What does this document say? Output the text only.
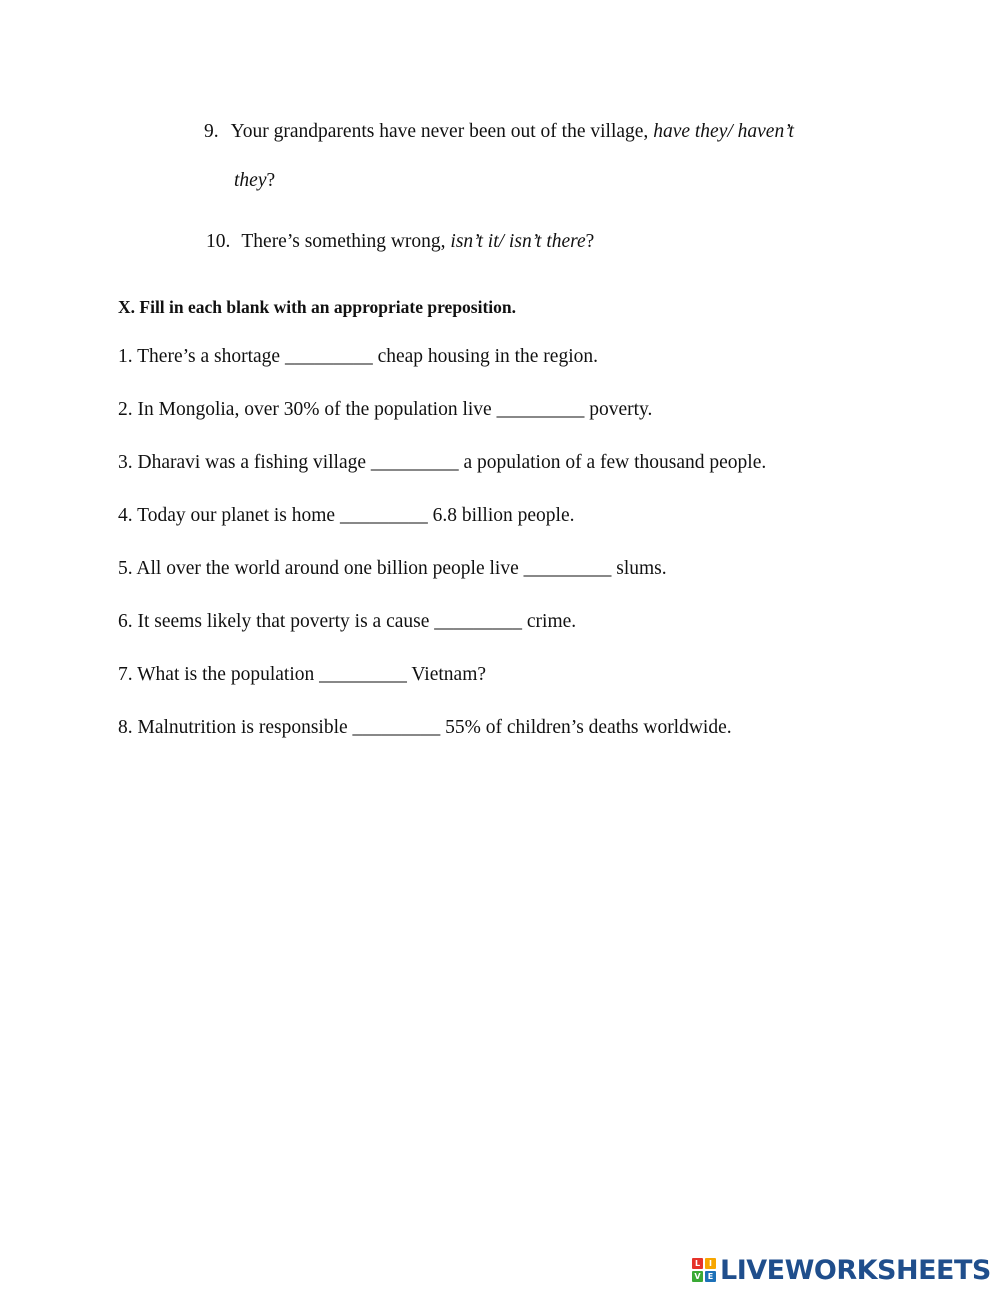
9. Your grandparents have never been out of the village, have they/ haven’t
they?
10. There’s something wrong, isn’t it/ isn’t there?
X. Fill in each blank with an appropriate preposition.
1. There’s a shortage _________ cheap housing in the region.
2. In Mongolia, over 30% of the population live _________ poverty.
3. Dharavi was a fishing village _________ a population of a few thousand people.
4. Today our planet is home _________ 6.8 billion people.
5. All over the world around one billion people live _________ slums.
6. It seems likely that poverty is a cause _________ crime.
7. What is the population _________ Vietnam?
8. Malnutrition is responsible _________ 55% of children’s deaths worldwide.
L	I
V E LIVEWORKSHEETS
